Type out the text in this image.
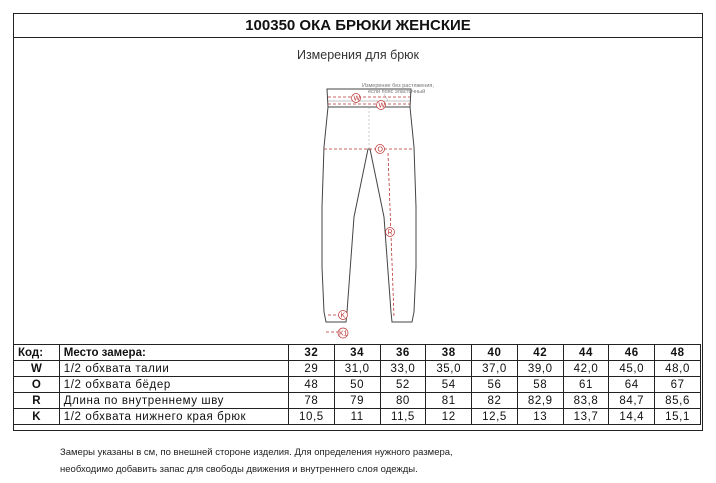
100350 ОКА БРЮКИ ЖЕНСКИЕ
Измерения для брюк
Измерение без растяжения,
если пояс эластичный
W
W
O
R
K
K1
Код:	Место замера:	32	34	36	38	40	42	44	46	48
W	1/2 обхвата талии	29	31,0	33,0	35,0	37,0	39,0	42,0	45,0	48,0
O	1/2 обхвата бёдер	48	50	52	54	56	58	61	64	67
R	Длина по внутреннему шву	78	79	80	81	82	82,9	83,8	84,7	85,6
K	1/2 обхвата нижнего края брюк	10,5	11	11,5	12	12,5	13	13,7	14,4	15,1
Замеры указаны в см, по внешней стороне изделия. Для определения нужного размера,
необходимо добавить запас для свободы движения и внутреннего слоя одежды.
